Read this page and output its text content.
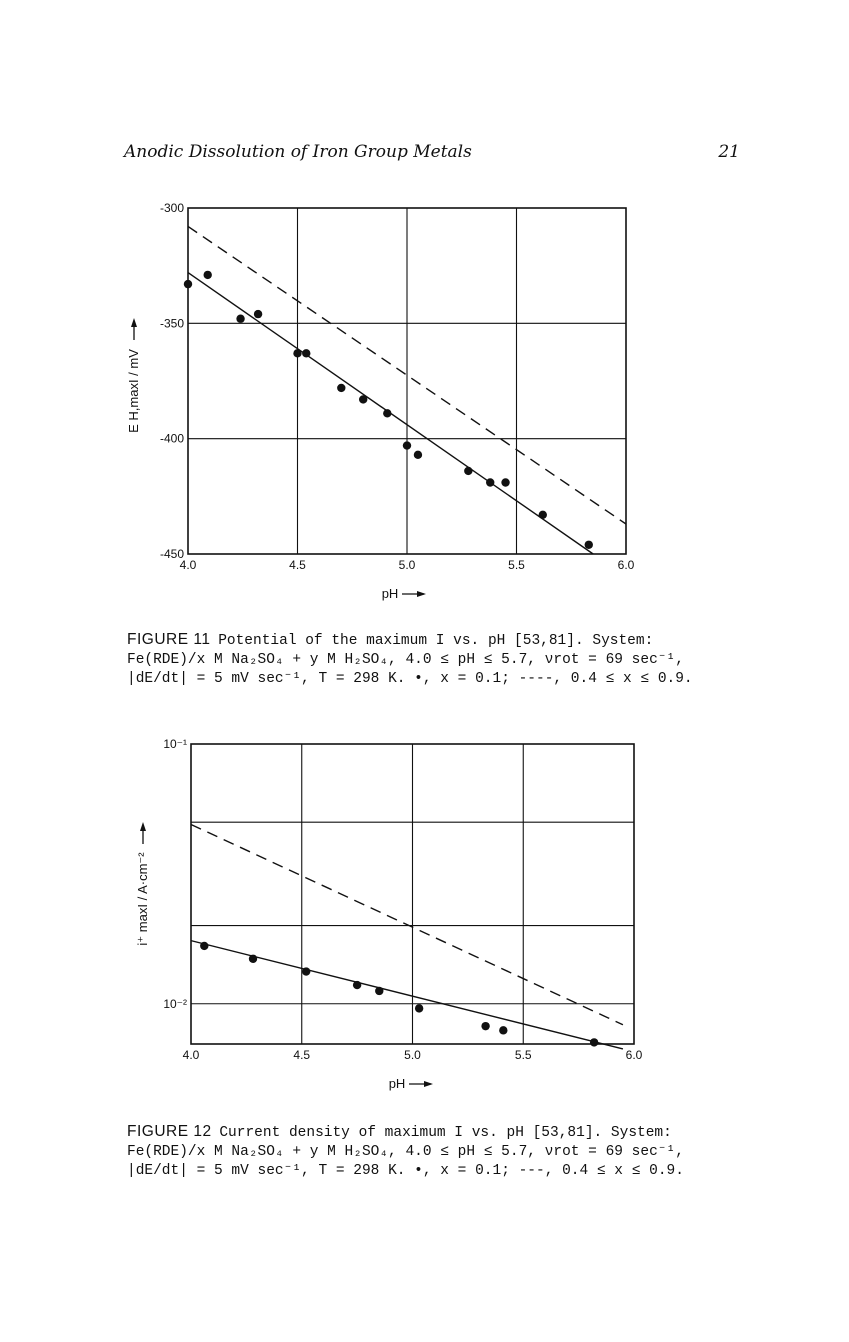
Anodic Dissolution of Iron Group Metals	21
4.0	4.5	5.0	5.5	6.0
-300
-350
-400
-450
pH
E H,maxI / mV
FIGURE 11 Potential of the maximum I vs. pH [53,81]. System:
Fe(RDE)/x M Na₂SO₄ + y M H₂SO₄, 4.0 ≤ pH ≤ 5.7, νrot = 69 sec⁻¹,
|dE/dt| = 5 mV sec⁻¹, T = 298 K. •, x = 0.1; ----, 0.4 ≤ x ≤ 0.9.
4.0	4.5	5.0	5.5	6.0
10⁻¹
10⁻²
pH
i⁺ maxI / A·cm⁻²
FIGURE 12 Current density of maximum I vs. pH [53,81]. System:
Fe(RDE)/x M Na₂SO₄ + y M H₂SO₄, 4.0 ≤ pH ≤ 5.7, νrot = 69 sec⁻¹,
|dE/dt| = 5 mV sec⁻¹, T = 298 K. •, x = 0.1; ---, 0.4 ≤ x ≤ 0.9.
